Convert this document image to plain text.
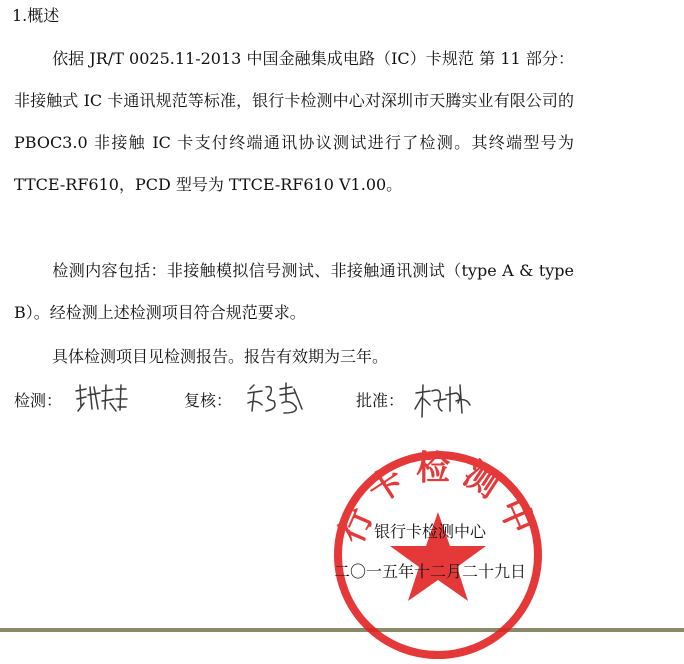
1.概述
依据 JR/T 0025.11-2013 中国金融集成电路（IC）卡规范 第 11 部分：非接触式 IC 卡通讯规范等标准，银行卡检测中心对深圳市天腾实业有限公司的 PBOC3.0 非接触 IC 卡支付终端通讯协议测试进行了检测。其终端型号为 TTCE-RF610，PCD 型号为 TTCE-RF610 V1.00。
检测内容包括：非接触模拟信号测试、非接触通讯测试（type A & type B）。经检测上述检测项目符合规范要求。
具体检测项目见检测报告。报告有效期为三年。
检测：	复核：	批准：
行卡检测中
银行卡检测中心
二〇一五年十二月二十九日
